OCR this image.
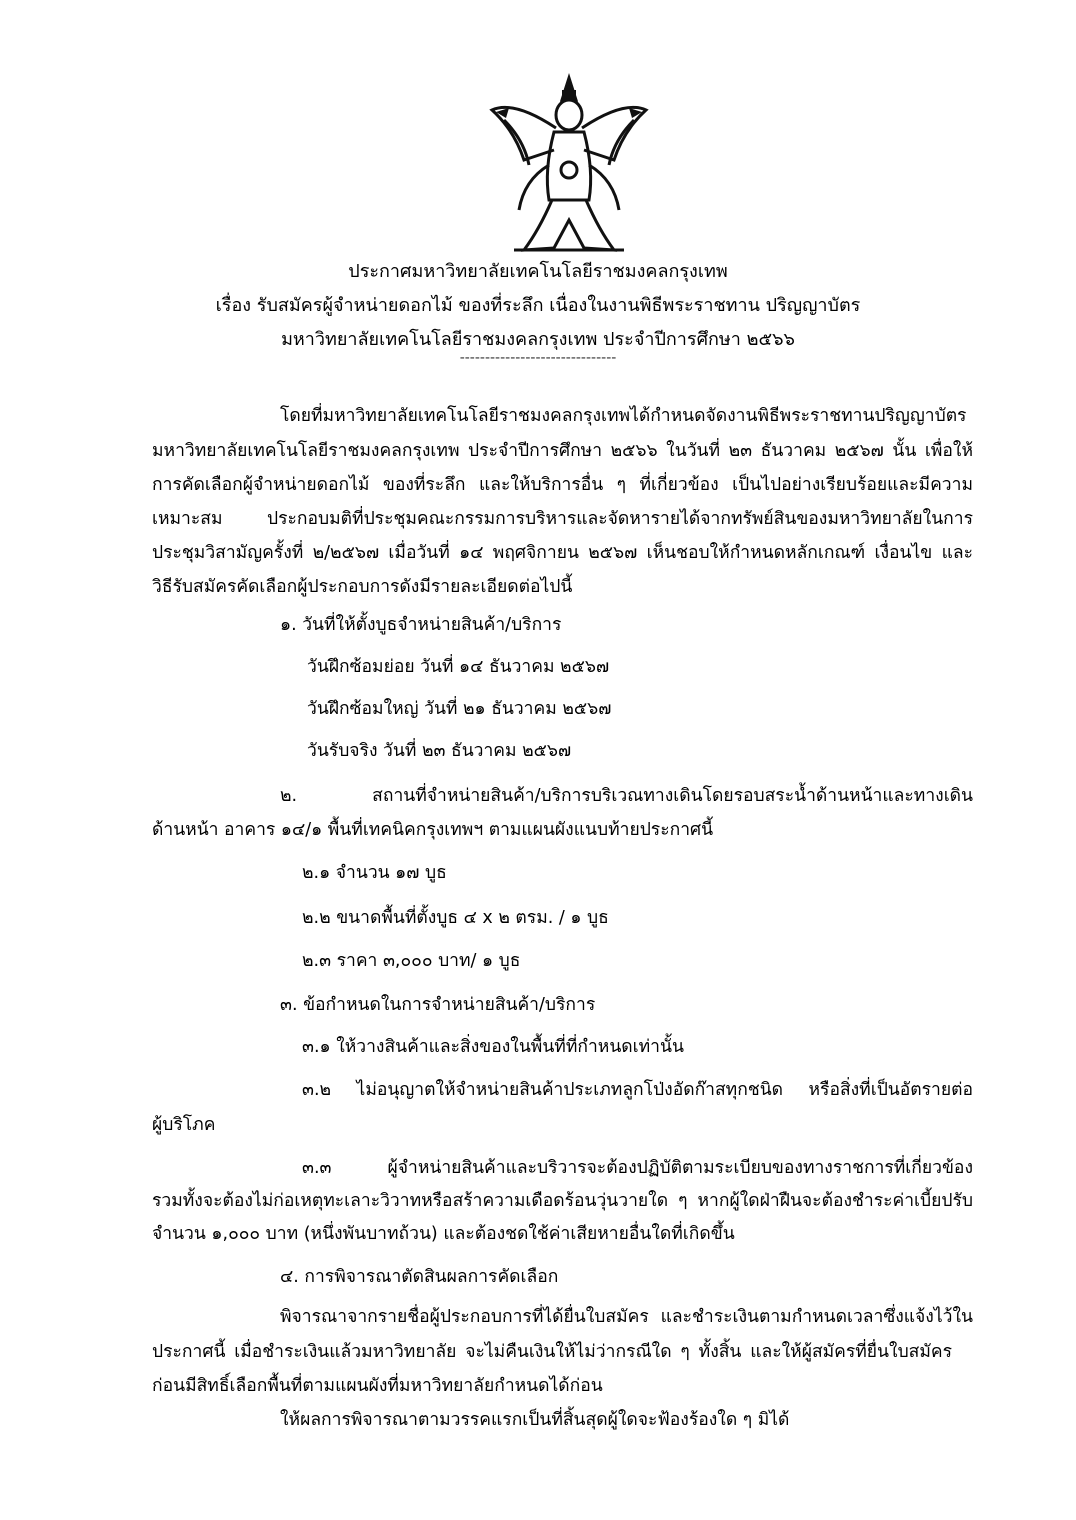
ประกาศมหาวิทยาลัยเทคโนโลยีราชมงคลกรุงเทพ
เรื่อง รับสมัครผู้จำหน่ายดอกไม้ ของที่ระลึก เนื่องในงานพิธีพระราชทาน ปริญญาบัตร
มหาวิทยาลัยเทคโนโลยีราชมงคลกรุงเทพ ประจำปีการศึกษา ๒๕๖๖
-------------------------------
โดยที่มหาวิทยาลัยเทคโนโลยีราชมงคลกรุงเทพได้กำหนดจัดงานพิธีพระราชทานปริญญาบัตร
มหาวิทยาลัยเทคโนโลยีราชมงคลกรุงเทพ ประจำปีการศึกษา ๒๕๖๖ ในวันที่ ๒๓ ธันวาคม ๒๕๖๗ นั้น เพื่อให้
การคัดเลือกผู้จำหน่ายดอกไม้ ของที่ระลึก และให้บริการอื่น ๆ ที่เกี่ยวข้อง เป็นไปอย่างเรียบร้อยและมีความ
เหมาะสม ประกอบมติที่ประชุมคณะกรรมการบริหารและจัดหารายได้จากทรัพย์สินของมหาวิทยาลัยในการ
ประชุมวิสามัญครั้งที่ ๒/๒๕๖๗ เมื่อวันที่ ๑๔ พฤศจิกายน ๒๕๖๗ เห็นชอบให้กำหนดหลักเกณฑ์ เงื่อนไข และ
วิธีรับสมัครคัดเลือกผู้ประกอบการดังมีรายละเอียดต่อไปนี้
๑. วันที่ให้ตั้งบูธจำหน่ายสินค้า/บริการ
วันฝึกซ้อมย่อย วันที่ ๑๔ ธันวาคม ๒๕๖๗
วันฝึกซ้อมใหญ่ วันที่ ๒๑ ธันวาคม ๒๕๖๗
วันรับจริง วันที่ ๒๓ ธันวาคม ๒๕๖๗
๒. สถานที่จำหน่ายสินค้า/บริการบริเวณทางเดินโดยรอบสระน้ำด้านหน้าและทางเดิน
ด้านหน้า อาคาร ๑๔/๑ พื้นที่เทคนิคกรุงเทพฯ ตามแผนผังแนบท้ายประกาศนี้
๒.๑ จำนวน ๑๗ บูธ
๒.๒ ขนาดพื้นที่ตั้งบูธ ๔ x ๒ ตรม. / ๑ บูธ
๒.๓ ราคา ๓,๐๐๐ บาท/ ๑ บูธ
๓. ข้อกำหนดในการจำหน่ายสินค้า/บริการ
๓.๑ ให้วางสินค้าและสิ่งของในพื้นที่ที่กำหนดเท่านั้น
๓.๒ ไม่อนุญาตให้จำหน่ายสินค้าประเภทลูกโป่งอัดก๊าสทุกชนิด หรือสิ่งที่เป็นอัตรายต่อ
ผู้บริโภค
๓.๓ ผู้จำหน่ายสินค้าและบริวารจะต้องปฏิบัติตามระเบียบของทางราชการที่เกี่ยวข้อง
รวมทั้งจะต้องไม่ก่อเหตุทะเลาะวิวาทหรือสร้าความเดือดร้อนวุ่นวายใด ๆ หากผู้ใดฝ่าฝืนจะต้องชำระค่าเบี้ยปรับ
จำนวน ๑,๐๐๐ บาท (หนึ่งพันบาทถ้วน) และต้องชดใช้ค่าเสียหายอื่นใดที่เกิดขึ้น
๔. การพิจารณาตัดสินผลการคัดเลือก
พิจารณาจากรายชื่อผู้ประกอบการที่ได้ยื่นใบสมัคร และชำระเงินตามกำหนดเวลาซึ่งแจ้งไว้ใน
ประกาศนี้ เมื่อชำระเงินแล้วมหาวิทยาลัย จะไม่คืนเงินให้ไม่ว่ากรณีใด ๆ ทั้งสิ้น และให้ผู้สมัครที่ยื่นใบสมัคร
ก่อนมีสิทธิ์เลือกพื้นที่ตามแผนผังที่มหาวิทยาลัยกำหนดได้ก่อน
ให้ผลการพิจารณาตามวรรคแรกเป็นที่สิ้นสุดผู้ใดจะฟ้องร้องใด ๆ มิได้
